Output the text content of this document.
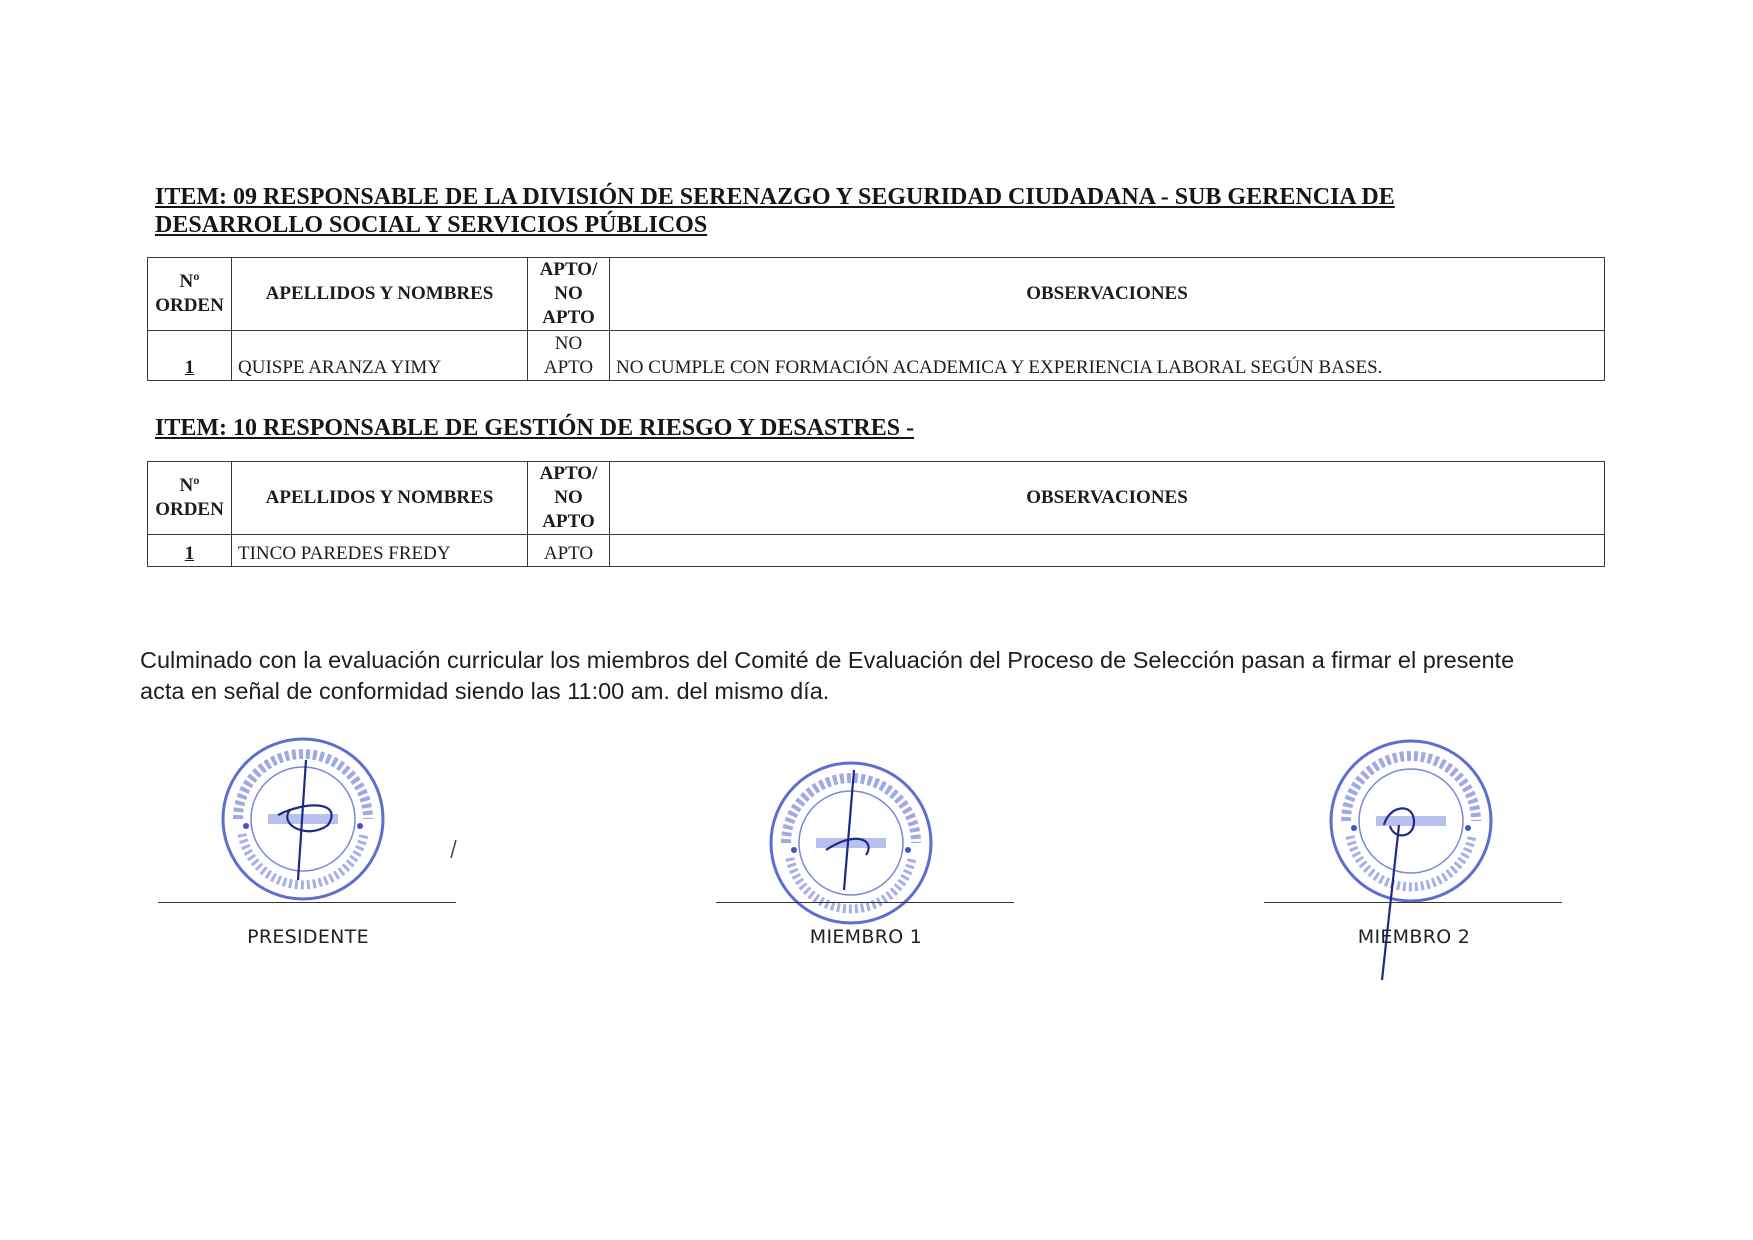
ITEM: 09 RESPONSABLE DE LA DIVISIÓN DE SERENAZGO Y SEGURIDAD CIUDADANA - SUB GERENCIA DE DESARROLLO SOCIAL Y SERVICIOS PÚBLICOS

Nº ORDEN	APELLIDOS Y NOMBRES	APTO/ NO APTO	OBSERVACIONES
1	QUISPE ARANZA YIMY	NO APTO	NO CUMPLE CON FORMACIÓN ACADEMICA Y EXPERIENCIA LABORAL SEGÚN BASES.

ITEM: 10 RESPONSABLE DE GESTIÓN DE RIESGO Y DESASTRES -

Nº ORDEN	APELLIDOS Y NOMBRES	APTO/ NO APTO	OBSERVACIONES
1	TINCO PAREDES FREDY	APTO	

Culminado con la evaluación curricular los miembros del Comité de Evaluación del Proceso de Selección pasan a firmar el presente acta en señal de conformidad siendo las 11:00 am. del mismo día.

PRESIDENTE	MIEMBRO 1	MIEMBRO 2
